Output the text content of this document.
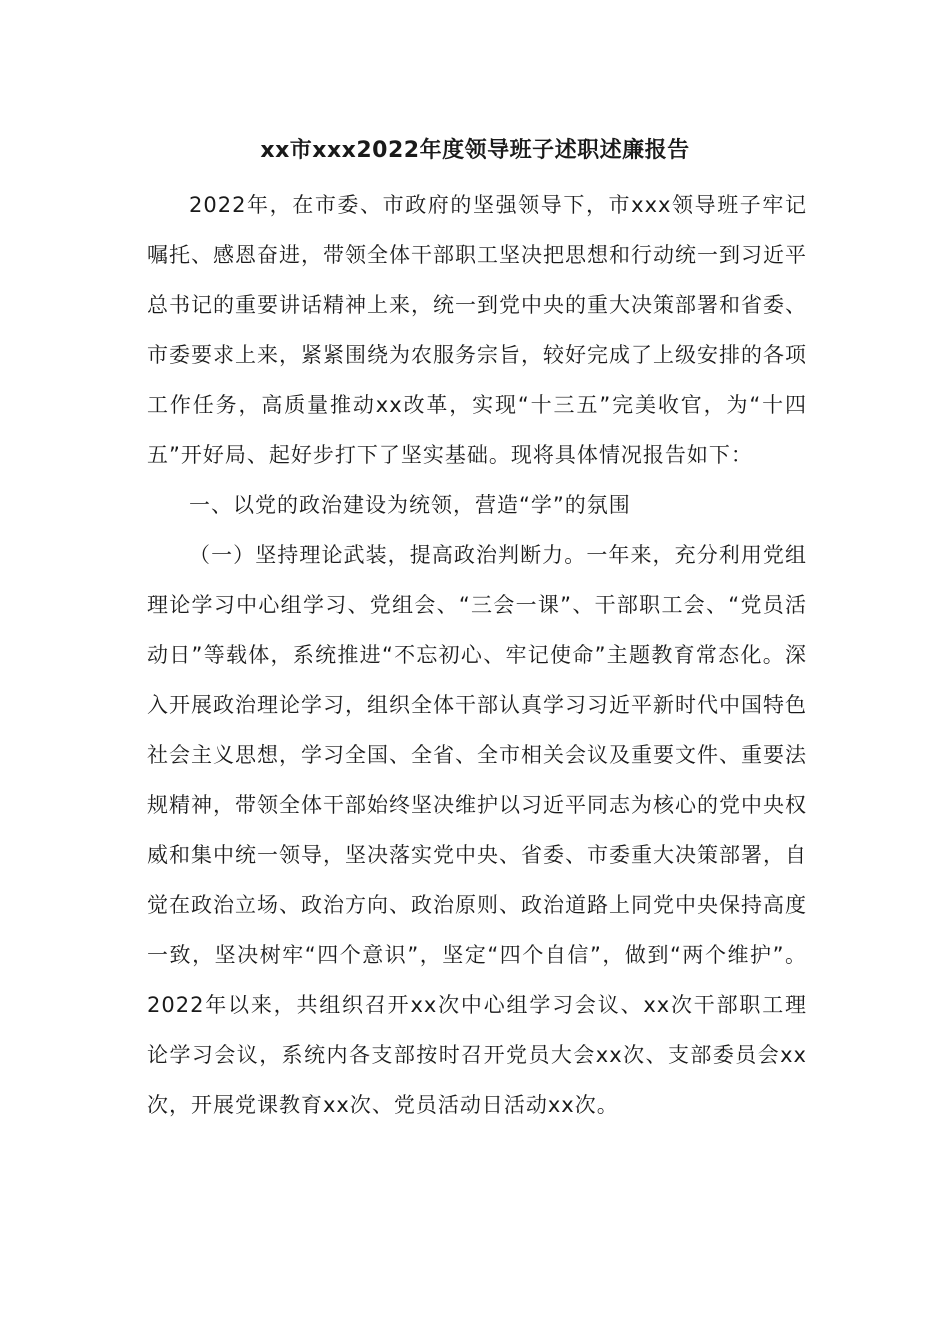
xx市xxx2022年度领导班子述职述廉报告

2022年，在市委、市政府的坚强领导下，市xxx领导班子牢记嘱托、感恩奋进，带领全体干部职工坚决把思想和行动统一到习近平总书记的重要讲话精神上来，统一到党中央的重大决策部署和省委、市委要求上来，紧紧围绕为农服务宗旨，较好完成了上级安排的各项工作任务，高质量推动xx改革，实现“十三五”完美收官，为“十四五”开好局、起好步打下了坚实基础。现将具体情况报告如下：

一、以党的政治建设为统领，营造“学”的氛围

（一）坚持理论武装，提高政治判断力。一年来，充分利用党组理论学习中心组学习、党组会、“三会一课”、干部职工会、“党员活动日”等载体，系统推进“不忘初心、牢记使命”主题教育常态化。深入开展政治理论学习，组织全体干部认真学习习近平新时代中国特色社会主义思想，学习全国、全省、全市相关会议及重要文件、重要法规精神，带领全体干部始终坚决维护以习近平同志为核心的党中央权威和集中统一领导，坚决落实党中央、省委、市委重大决策部署，自觉在政治立场、政治方向、政治原则、政治道路上同党中央保持高度一致，坚决树牢“四个意识”，坚定“四个自信”，做到“两个维护”。2022年以来，共组织召开xx次中心组学习会议、xx次干部职工理论学习会议，系统内各支部按时召开党员大会xx次、支部委员会xx次，开展党课教育xx次、党员活动日活动xx次。
